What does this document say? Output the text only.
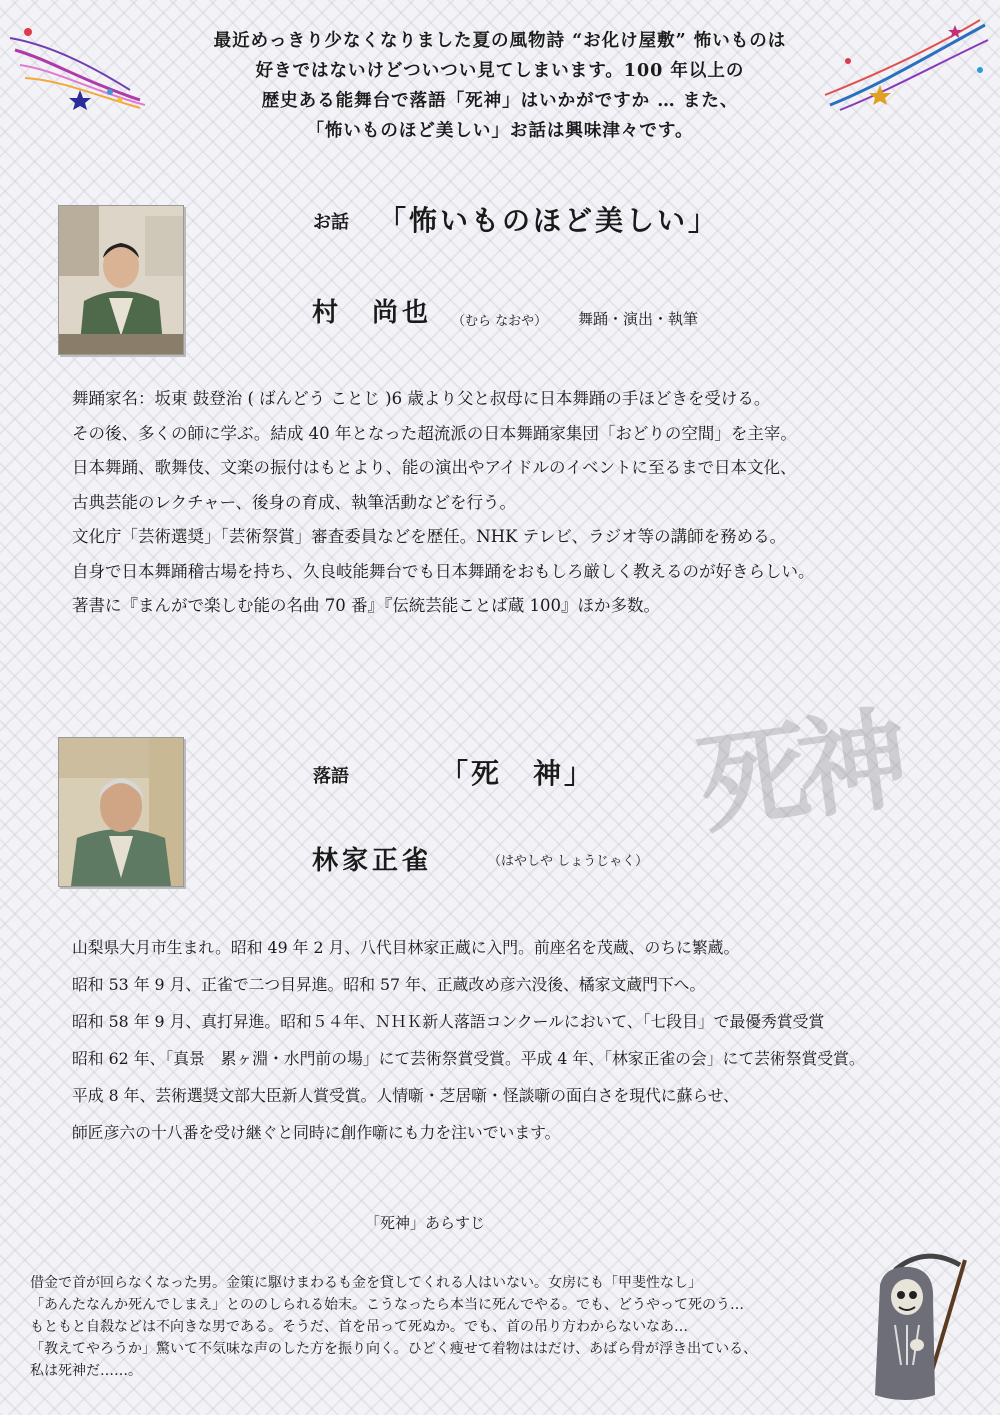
最近めっきり少なくなりました夏の風物詩 “お化け屋敷” 怖いものは
好きではないけどついつい見てしまいます。100 年以上の
歴史ある能舞台で落語「死神」はいかがですか … また、
「怖いものほど美しい」お話は興味津々です。
お話 「怖いものほど美しい」
村　尚也 （むら なおや） 舞踊・演出・執筆
舞踊家名：坂東 鼓登治 ( ばんどう ことじ )6 歳より父と叔母に日本舞踊の手ほどきを受ける。
その後、多くの師に学ぶ。結成 40 年となった超流派の日本舞踊家集団「おどりの空間」を主宰。
日本舞踊、歌舞伎、文楽の振付はもとより、能の演出やアイドルのイベントに至るまで日本文化、
古典芸能のレクチャー、後身の育成、執筆活動などを行う。
文化庁「芸術選奨」「芸術祭賞」審査委員などを歴任。NHK テレビ、ラジオ等の講師を務める。
自身で日本舞踊稽古場を持ち、久良岐能舞台でも日本舞踊をおもしろ厳しく教えるのが好きらしい。
著書に『まんがで楽しむ能の名曲 70 番』『伝統芸能ことば蔵 100』ほか多数。
死神
落語	「死　神」
林家正雀	（はやしや しょうじゃく）
山梨県大月市生まれ。昭和 49 年 2 月、八代目林家正蔵に入門。前座名を茂蔵、のちに繁蔵。
昭和 53 年 9 月、正雀で二つ目昇進。昭和 57 年、正蔵改め彦六没後、橘家文蔵門下へ。
昭和 58 年 9 月、真打昇進。昭和５４年、ＮＨＫ新人落語コンクールにおいて、「七段目」で最優秀賞受賞
昭和 62 年、「真景　累ヶ淵・水門前の場」にて芸術祭賞受賞。平成 4 年、「林家正雀の会」にて芸術祭賞受賞。
平成 8 年、芸術選奨文部大臣新人賞受賞。人情噺・芝居噺・怪談噺の面白さを現代に蘇らせ、
師匠彦六の十八番を受け継ぐと同時に創作噺にも力を注いでいます。
「死神」あらすじ
借金で首が回らなくなった男。金策に駆けまわるも金を貸してくれる人はいない。女房にも「甲斐性なし」
「あんたなんか死んでしまえ」とののしられる始末。こうなったら本当に死んでやる。でも、どうやって死のう…
もともと自殺などは不向きな男である。そうだ、首を吊って死ぬか。でも、首の吊り方わからないなあ…
「教えてやろうか」驚いて不気味な声のした方を振り向く。ひどく痩せて着物ははだけ、あばら骨が浮き出ている、
私は死神だ……。
